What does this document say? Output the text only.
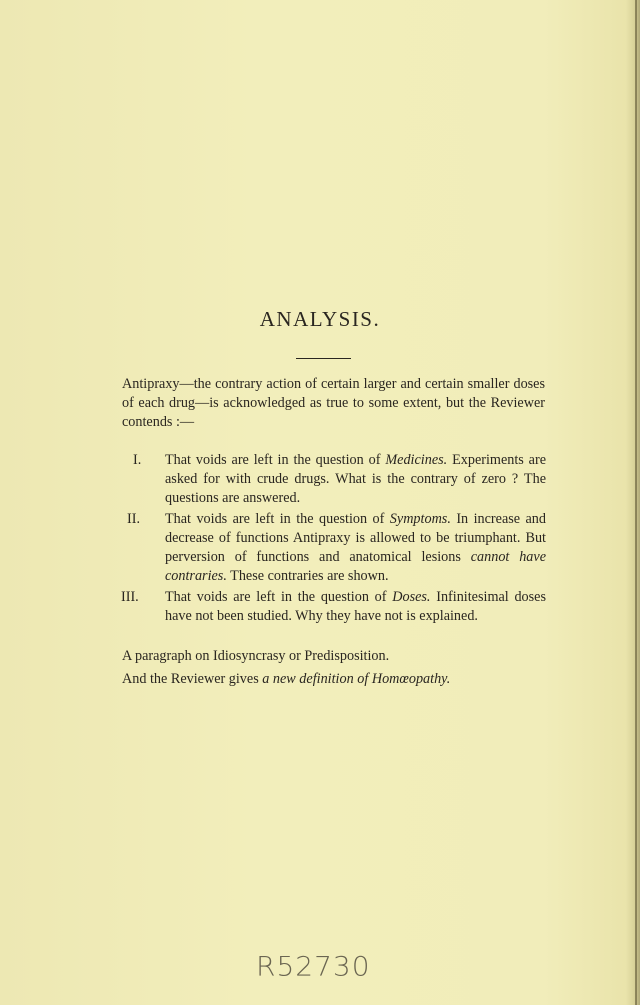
ANALYSIS.

Antipraxy—the contrary action of certain larger and certain smaller doses of each drug—is acknowledged as true to some extent, but the Reviewer contends :—

I. That voids are left in the question of Medicines. Experiments are asked for with crude drugs. What is the contrary of zero ? The questions are answered.
II. That voids are left in the question of Symptoms. In increase and decrease of functions Antipraxy is allowed to be triumphant. But perversion of functions and anatomical lesions cannot have contraries. These contraries are shown.
III. That voids are left in the question of Doses. Infinitesimal doses have not been studied. Why they have not is explained.

A paragraph on Idiosyncrasy or Predisposition.

And the Reviewer gives a new definition of Homœopathy.

R52730
